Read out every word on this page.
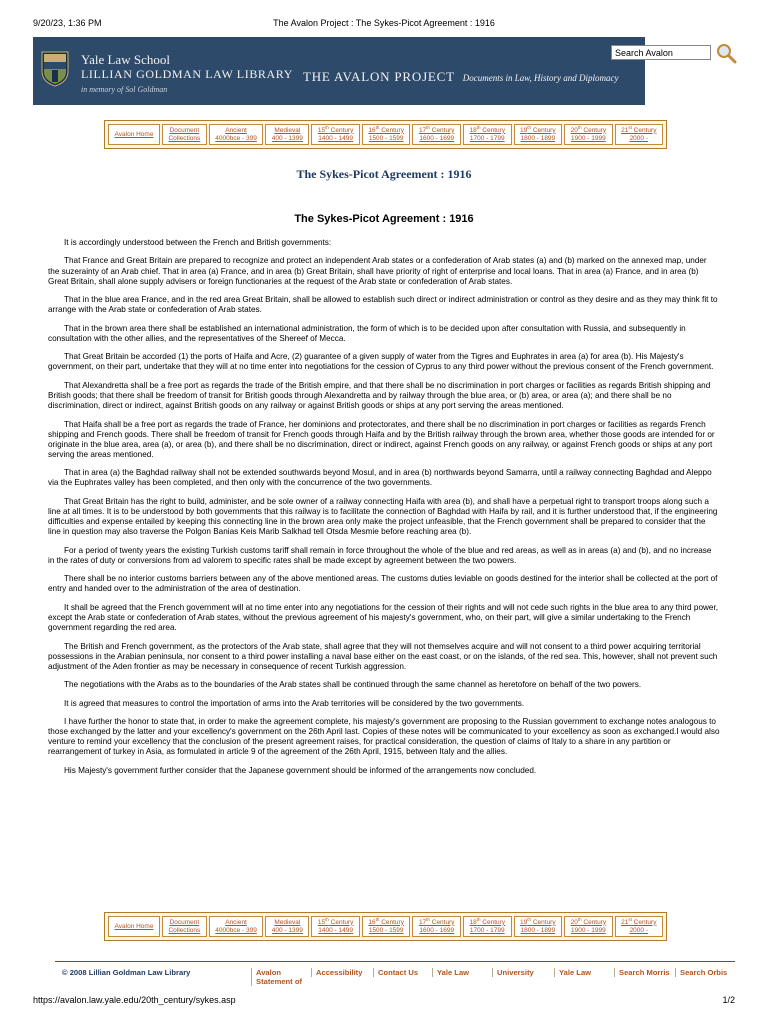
9/20/23, 1:36 PM	The Avalon Project : The Sykes-Picot Agreement : 1916
Yale Law School
LILLIAN GOLDMAN LAW LIBRARY
in memory of Sol Goldman
THE AVALON PROJECT Documents in Law, History and Diplomacy
Search Avalon
Avalon Home
Document
Collections
Ancient
4000bce - 399
Medieval
400 - 1399
15th Century
1400 - 1499
16th Century
1500 - 1599
17th Century
1600 - 1699
18th Century
1700 - 1799
19th Century
1800 - 1899
20th Century
1900 - 1999
21st Century
2000 -
The Sykes-Picot Agreement : 1916
The Sykes-Picot Agreement : 1916

It is accordingly understood between the French and British governments:

That France and Great Britain are prepared to recognize and protect an independent Arab states or a confederation of Arab states (a) and (b) marked on the annexed map, under the suzerainty of an Arab chief. That in area (a) France, and in area (b) Great Britain, shall have priority of right of enterprise and local loans. That in area (a) France, and in area (b) Great Britain, shall alone supply advisers or foreign functionaries at the request of the Arab state or confederation of Arab states.

That in the blue area France, and in the red area Great Britain, shall be allowed to establish such direct or indirect administration or control as they desire and as they may think fit to arrange with the Arab state or confederation of Arab states.

That in the brown area there shall be established an international administration, the form of which is to be decided upon after consultation with Russia, and subsequently in consultation with the other allies, and the representatives of the Shereef of Mecca.

That Great Britain be accorded (1) the ports of Haifa and Acre, (2) guarantee of a given supply of water from the Tigres and Euphrates in area (a) for area (b). His Majesty's government, on their part, undertake that they will at no time enter into negotiations for the cession of Cyprus to any third power without the previous consent of the French government.

That Alexandretta shall be a free port as regards the trade of the British empire, and that there shall be no discrimination in port charges or facilities as regards British shipping and British goods; that there shall be freedom of transit for British goods through Alexandretta and by railway through the blue area, or (b) area, or area (a); and there shall be no discrimination, direct or indirect, against British goods on any railway or against British goods or ships at any port serving the areas mentioned.

That Haifa shall be a free port as regards the trade of France, her dominions and protectorates, and there shall be no discrimination in port charges or facilities as regards French shipping and French goods. There shall be freedom of transit for French goods through Haifa and by the British railway through the brown area, whether those goods are intended for or originate in the blue area, area (a), or area (b), and there shall be no discrimination, direct or indirect, against French goods on any railway, or against French goods or ships at any port serving the areas mentioned.

That in area (a) the Baghdad railway shall not be extended southwards beyond Mosul, and in area (b) northwards beyond Samarra, until a railway connecting Baghdad and Aleppo via the Euphrates valley has been completed, and then only with the concurrence of the two governments.

That Great Britain has the right to build, administer, and be sole owner of a railway connecting Haifa with area (b), and shall have a perpetual right to transport troops along such a line at all times. It is to be understood by both governments that this railway is to facilitate the connection of Baghdad with Haifa by rail, and it is further understood that, if the engineering difficulties and expense entailed by keeping this connecting line in the brown area only make the project unfeasible, that the French government shall be prepared to consider that the line in question may also traverse the Polgon Banias Keis Marib Salkhad tell Otsda Mesmie before reaching area (b).

For a period of twenty years the existing Turkish customs tariff shall remain in force throughout the whole of the blue and red areas, as well as in areas (a) and (b), and no increase in the rates of duty or conversions from ad valorem to specific rates shall be made except by agreement between the two powers.

There shall be no interior customs barriers between any of the above mentioned areas. The customs duties leviable on goods destined for the interior shall be collected at the port of entry and handed over to the administration of the area of destination.

It shall be agreed that the French government will at no time enter into any negotiations for the cession of their rights and will not cede such rights in the blue area to any third power, except the Arab state or confederation of Arab states, without the previous agreement of his majesty's government, who, on their part, will give a similar undertaking to the French government regarding the red area.

The British and French government, as the protectors of the Arab state, shall agree that they will not themselves acquire and will not consent to a third power acquiring territorial possessions in the Arabian peninsula, nor consent to a third power installing a naval base either on the east coast, or on the islands, of the red sea. This, however, shall not prevent such adjustment of the Aden frontier as may be necessary in consequence of recent Turkish aggression.

The negotiations with the Arabs as to the boundaries of the Arab states shall be continued through the same channel as heretofore on behalf of the two powers.

It is agreed that measures to control the importation of arms into the Arab territories will be considered by the two governments.

I have further the honor to state that, in order to make the agreement complete, his majesty's government are proposing to the Russian government to exchange notes analogous to those exchanged by the latter and your excellency's government on the 26th April last. Copies of these notes will be communicated to your excellency as soon as exchanged.I would also venture to remind your excellency that the conclusion of the present agreement raises, for practical consideration, the question of claims of Italy to a share in any partition or rearrangement of turkey in Asia, as formulated in article 9 of the agreement of the 26th April, 1915, between Italy and the allies.

His Majesty's government further consider that the Japanese government should be informed of the arrangements now concluded.

Avalon Home
Document
Collections
Ancient
4000bce - 399
Medieval
400 - 1399
15th Century
1400 - 1499
16th Century
1500 - 1599
17th Century
1600 - 1699
18th Century
1700 - 1799
19th Century
1800 - 1899
20th Century
1900 - 1999
21st Century
2000 -
© 2008 Lillian Goldman Law Library	Avalon Statement of
Accessibility	Contact Us	Yale Law	University	Yale Law	Search Morris	Search Orbis
https://avalon.law.yale.edu/20th_century/sykes.asp	1/2
